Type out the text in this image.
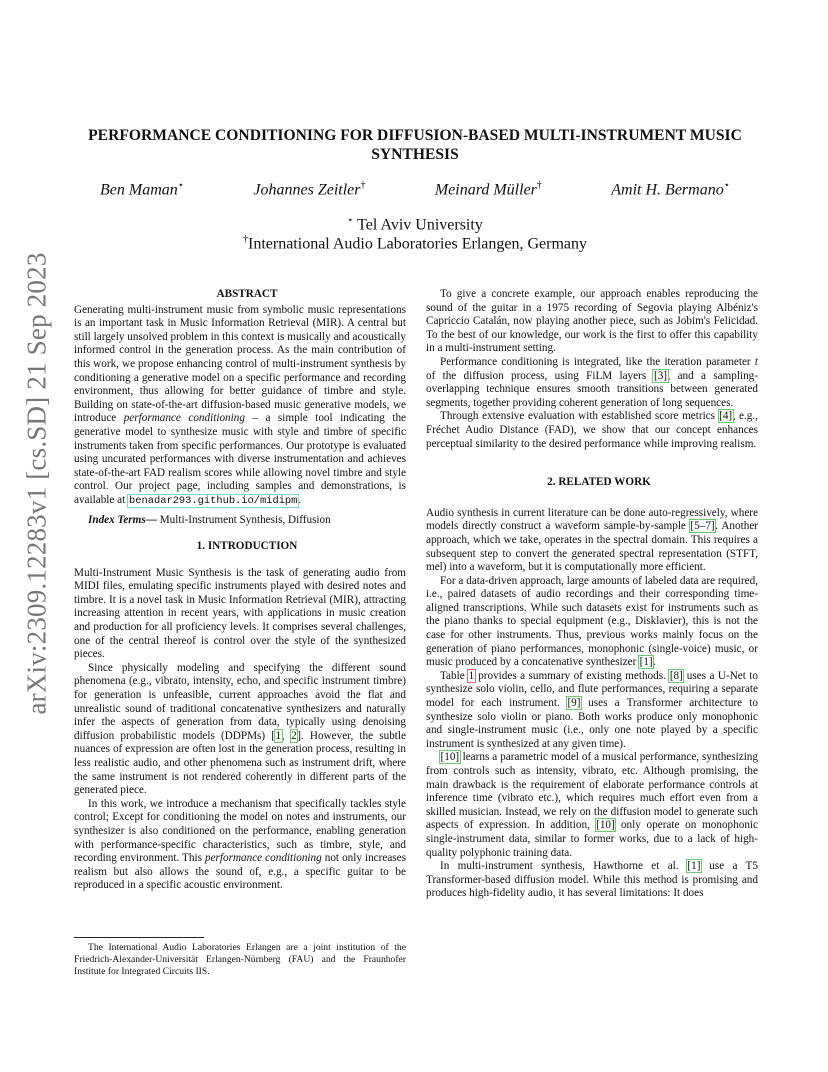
arXiv:2309.12283v1 [cs.SD] 21 Sep 2023
PERFORMANCE CONDITIONING FOR DIFFUSION-BASED MULTI-INSTRUMENT MUSIC SYNTHESIS
Ben Maman⋆	Johannes Zeitler†	Meinard Müller†	Amit H. Bermano⋆
⋆ Tel Aviv University
†International Audio Laboratories Erlangen, Germany

ABSTRACT

Generating multi-instrument music from symbolic music representations is an important task in Music Information Retrieval (MIR). A central but still largely unsolved problem in this context is musically and acoustically informed control in the generation process. As the main contribution of this work, we propose enhancing control of multi-instrument synthesis by conditioning a generative model on a specific performance and recording environment, thus allowing for better guidance of timbre and style. Building on state-of-the-art diffusion-based music generative models, we introduce performance conditioning – a simple tool indicating the generative model to synthesize music with style and timbre of specific instruments taken from specific performances. Our prototype is evaluated using uncurated performances with diverse instrumentation and achieves state-of-the-art FAD realism scores while allowing novel timbre and style control. Our project page, including samples and demonstrations, is available at benadar293.github.io/midipm.

Index Terms— Multi-Instrument Synthesis, Diffusion

1. INTRODUCTION

Multi-Instrument Music Synthesis is the task of generating audio from MIDI files, emulating specific instruments played with desired notes and timbre. It is a novel task in Music Information Retrieval (MIR), attracting increasing attention in recent years, with applications in music creation and production for all proficiency levels. It comprises several challenges, one of the central thereof is control over the style of the synthesized pieces.

Since physically modeling and specifying the different sound phenomena (e.g., vibrato, intensity, echo, and specific instrument timbre) for generation is unfeasible, current approaches avoid the flat and unrealistic sound of traditional concatenative synthesizers and naturally infer the aspects of generation from data, typically using denoising diffusion probabilistic models (DDPMs) [1, 2]. However, the subtle nuances of expression are often lost in the generation process, resulting in less realistic audio, and other phenomena such as instrument drift, where the same instrument is not rendered coherently in different parts of the generated piece.

In this work, we introduce a mechanism that specifically tackles style control; Except for conditioning the model on notes and instruments, our synthesizer is also conditioned on the performance, enabling generation with performance-specific characteristics, such as timbre, style, and recording environment. This performance conditioning not only increases realism but also allows the sound of, e.g., a specific guitar to be reproduced in a specific acoustic environment.

The International Audio Laboratories Erlangen are a joint institution of the Friedrich-Alexander-Universität Erlangen-Nürnberg (FAU) and the Fraunhofer Institute for Integrated Circuits IIS.

To give a concrete example, our approach enables reproducing the sound of the guitar in a 1975 recording of Segovia playing Albéniz's Capriccio Catalán, now playing another piece, such as Jobim's Felicidad. To the best of our knowledge, our work is the first to offer this capability in a multi-instrument setting.

Performance conditioning is integrated, like the iteration parameter t of the diffusion process, using FiLM layers [3], and a sampling-overlapping technique ensures smooth transitions between generated segments, together providing coherent generation of long sequences.

Through extensive evaluation with established score metrics [4], e.g., Fréchet Audio Distance (FAD), we show that our concept enhances perceptual similarity to the desired performance while improving realism.

2. RELATED WORK

Audio synthesis in current literature can be done auto-regressively, where models directly construct a waveform sample-by-sample [5–7]. Another approach, which we take, operates in the spectral domain. This requires a subsequent step to convert the generated spectral representation (STFT, mel) into a waveform, but it is computationally more efficient.

For a data-driven approach, large amounts of labeled data are required, i.e., paired datasets of audio recordings and their corresponding time-aligned transcriptions. While such datasets exist for instruments such as the piano thanks to special equipment (e.g., Disklavier), this is not the case for other instruments. Thus, previous works mainly focus on the generation of piano performances, monophonic (single-voice) music, or music produced by a concatenative synthesizer [1].

Table 1 provides a summary of existing methods. [8] uses a U-Net to synthesize solo violin, cello, and flute performances, requiring a separate model for each instrument. [9] uses a Transformer architecture to synthesize solo violin or piano. Both works produce only monophonic and single-instrument music (i.e., only one note played by a specific instrument is synthesized at any given time).

[10] learns a parametric model of a musical performance, synthesizing from controls such as intensity, vibrato, etc. Although promising, the main drawback is the requirement of elaborate performance controls at inference time (vibrato etc.), which requires much effort even from a skilled musician. Instead, we rely on the diffusion model to generate such aspects of expression. In addition, [10] only operate on monophonic single-instrument data, similar to former works, due to a lack of high-quality polyphonic training data.

In multi-instrument synthesis, Hawthorne et al. [1] use a T5 Transformer-based diffusion model. While this method is promising and produces high-fidelity audio, it has several limitations: It does
